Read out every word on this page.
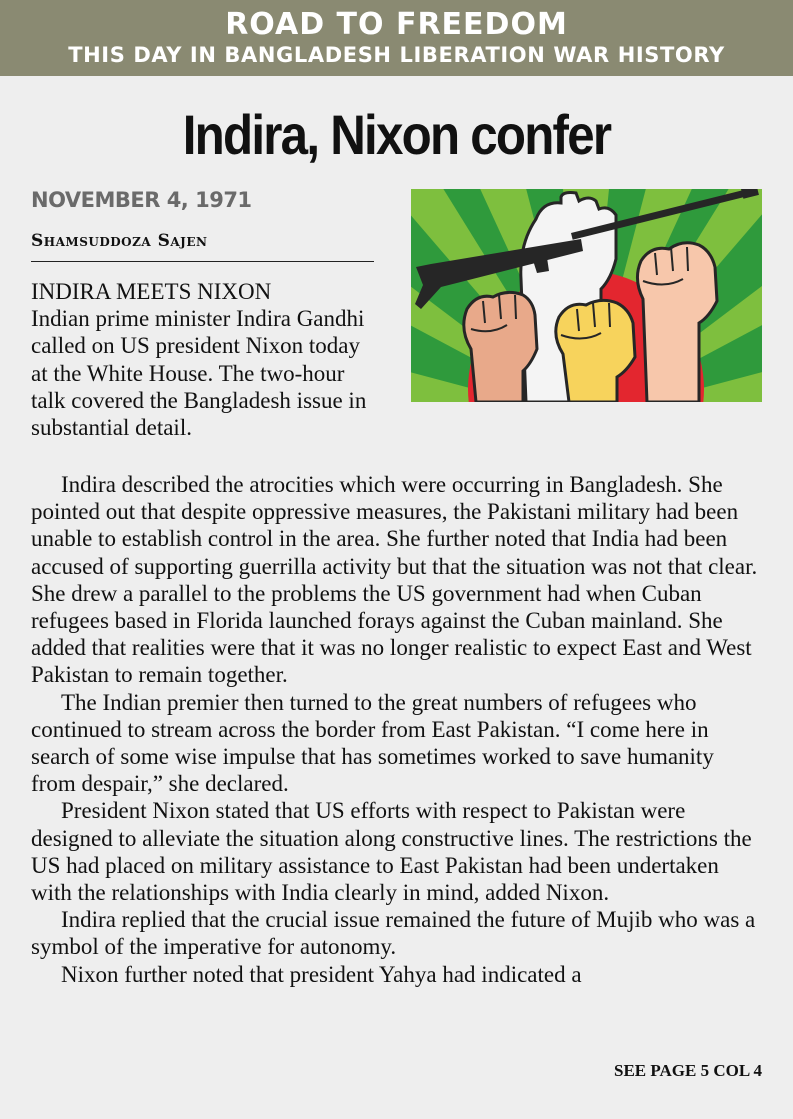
ROAD TO FREEDOM
THIS DAY IN BANGLADESH LIBERATION WAR HISTORY
Indira, Nixon confer
NOVEMBER 4, 1971
Shamsuddoza Sajen

INDIRA MEETS NIXON

Indian prime minister Indira Gandhi called on US president Nixon today at the White House. The two-hour talk covered the Bangladesh issue in substantial detail.

Indira described the atrocities which were occurring in Bangladesh. She pointed out that despite oppressive measures, the Pakistani military had been unable to establish control in the area. She further noted that India had been accused of supporting guerrilla activity but that the situation was not that clear. She drew a parallel to the problems the US government had when Cuban refugees based in Florida launched forays against the Cuban mainland. She added that realities were that it was no longer realistic to expect East and West Pakistan to remain together.

The Indian premier then turned to the great numbers of refugees who continued to stream across the border from East Pakistan. “I come here in search of some wise impulse that has sometimes worked to save humanity from despair,” she declared.

President Nixon stated that US efforts with respect to Pakistan were designed to alleviate the situation along constructive lines. The restrictions the US had placed on military assistance to East Pakistan had been undertaken with the relationships with India clearly in mind, added Nixon.

Indira replied that the crucial issue remained the future of Mujib who was a symbol of the imperative for autonomy.

Nixon further noted that president Yahya had indicated a

SEE PAGE 5 COL 4
